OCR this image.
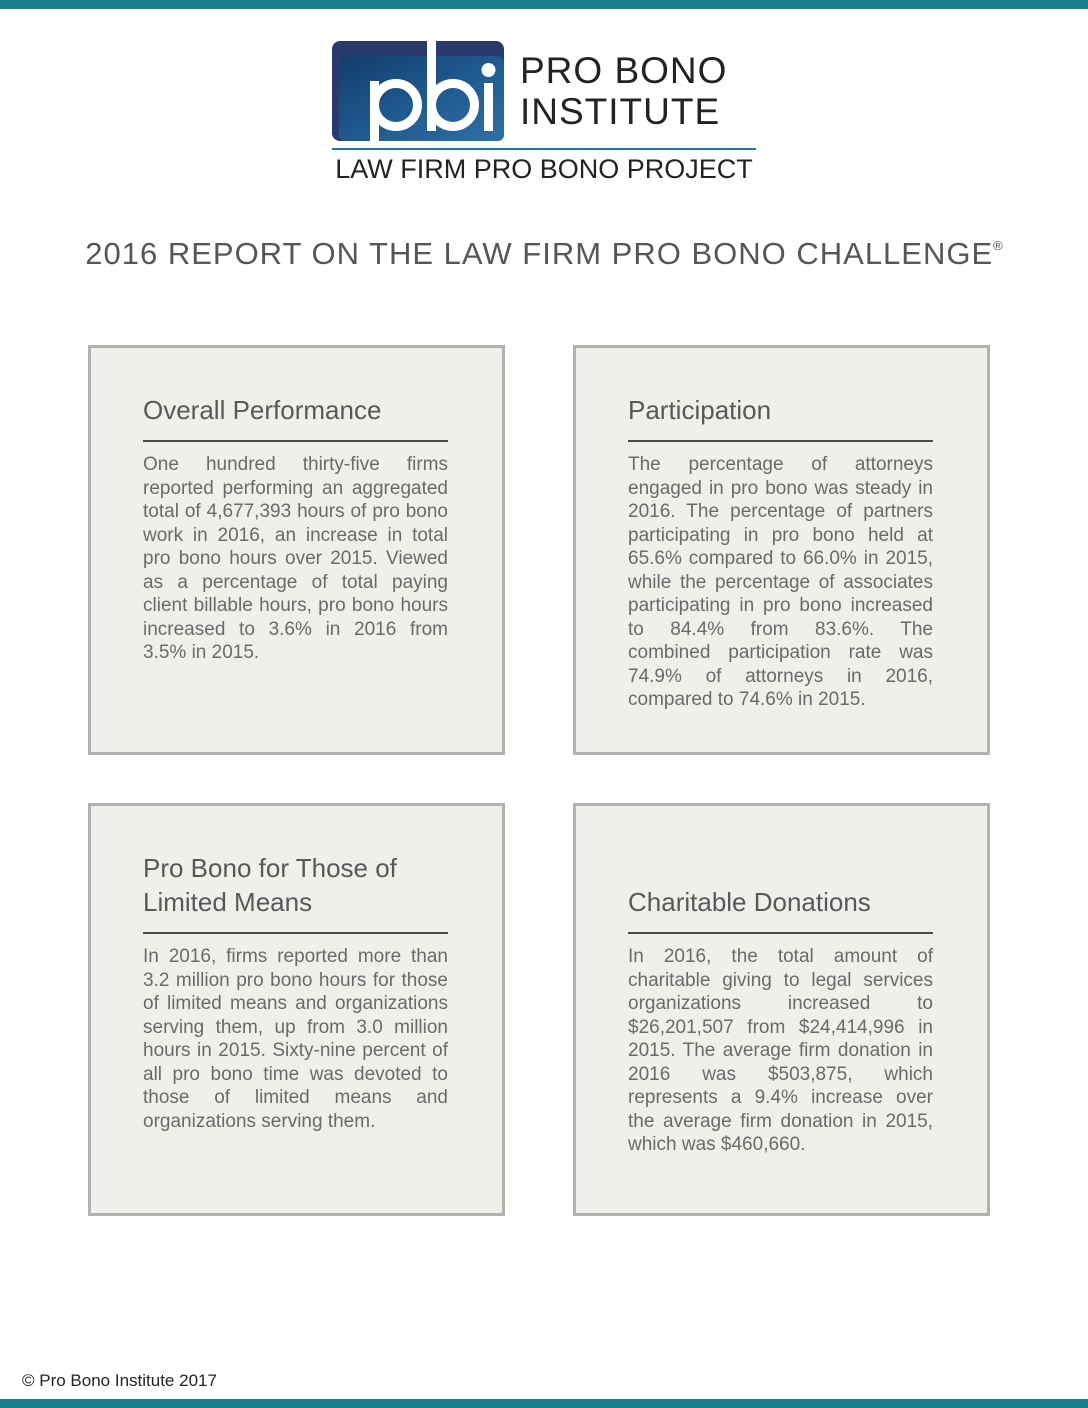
PRO BONO
INSTITUTE
LAW FIRM PRO BONO PROJECT
2016 REPORT ON THE LAW FIRM PRO BONO CHALLENGE®
Overall Performance
One hundred thirty-five firms reported performing an aggregated total of 4,677,393 hours of pro bono work in 2016, an increase in total pro bono hours over 2015. Viewed as a percentage of total paying client billable hours, pro bono hours increased to 3.6% in 2016 from 3.5% in 2015.
Participation
The percentage of attorneys engaged in pro bono was steady in 2016. The percentage of partners participating in pro bono held at 65.6% compared to 66.0% in 2015, while the percentage of associates participating in pro bono increased to 84.4% from 83.6%. The combined participation rate was 74.9% of attorneys in 2016, compared to 74.6% in 2015.
Pro Bono for Those of Limited Means
In 2016, firms reported more than 3.2 million pro bono hours for those of limited means and organizations serving them, up from 3.0 million hours in 2015. Sixty-nine percent of all pro bono time was devoted to those of limited means and organizations serving them.
Charitable Donations
In 2016, the total amount of charitable giving to legal services organizations increased to $26,201,507 from $24,414,996 in 2015. The average firm donation in 2016 was $503,875, which represents a 9.4% increase over the average firm donation in 2015, which was $460,660.
© Pro Bono Institute 2017
